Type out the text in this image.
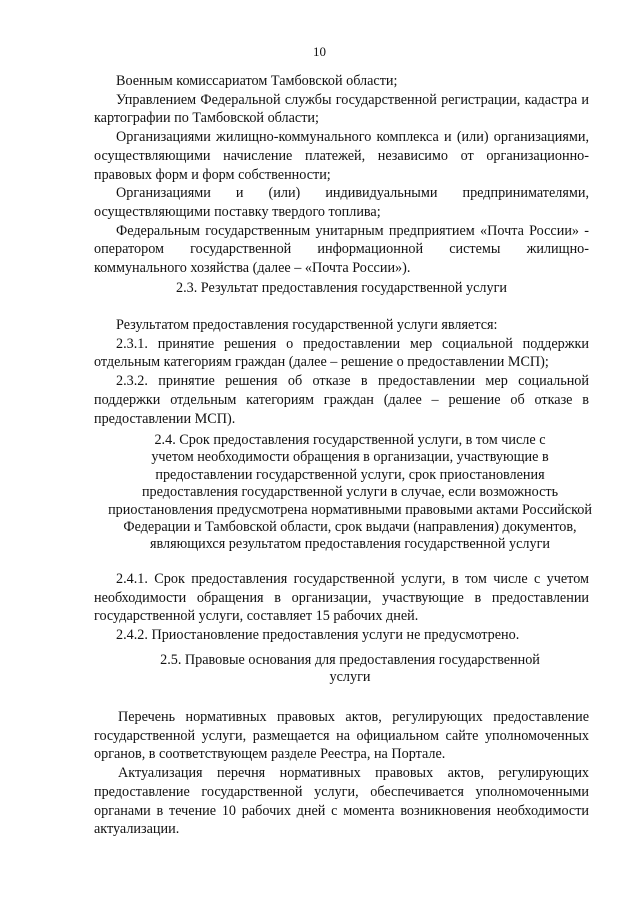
10

Военным комиссариатом Тамбовской области;

Управлением Федеральной службы государственной регистрации, кадастра и картографии по Тамбовской области;

Организациями жилищно-коммунального комплекса и (или) организациями, осуществляющими начисление платежей, независимо от организационно-правовых форм и форм собственности;

Организациями и (или) индивидуальными предпринимателями, осуществляющими поставку твердого топлива;

Федеральным государственным унитарным предприятием «Почта России» - оператором государственной информационной системы жилищно-коммунального хозяйства (далее – «Почта России»).

2.3. Результат предоставления государственной услуги

Результатом предоставления государственной услуги является:

2.3.1. принятие решения о предоставлении мер социальной поддержки отдельным категориям граждан (далее – решение о предоставлении МСП);

2.3.2. принятие решения об отказе в предоставлении мер социальной поддержки отдельным категориям граждан (далее – решение об отказе в предоставлении МСП).

2.4. Срок предоставления государственной услуги, в том числе с

учетом необходимости обращения в организации, участвующие в

предоставлении государственной услуги, срок приостановления

предоставления государственной услуги в случае, если возможность

приостановления предусмотрена нормативными правовыми актами Российской

Федерации и Тамбовской области, срок выдачи (направления) документов,

являющихся результатом предоставления государственной услуги

2.4.1. Срок предоставления государственной услуги, в том числе с учетом необходимости обращения в организации, участвующие в предоставлении государственной услуги, составляет 15 рабочих дней.

2.4.2. Приостановление предоставления услуги не предусмотрено.

2.5. Правовые основания для предоставления государственной

услуги

Перечень нормативных правовых актов, регулирующих предоставление государственной услуги, размещается на официальном сайте уполномоченных органов, в соответствующем разделе Реестра, на Портале.

Актуализация перечня нормативных правовых актов, регулирующих предоставление государственной услуги, обеспечивается уполномоченными органами в течение 10 рабочих дней с момента возникновения необходимости актуализации.
